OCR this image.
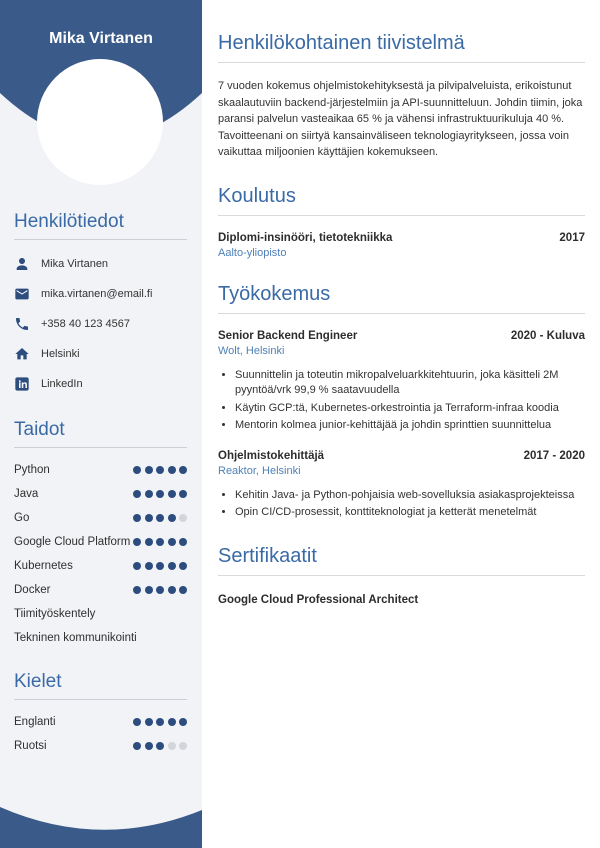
Mika Virtanen
Henkilötiedot
Mika Virtanen
mika.virtanen@email.fi
+358 40 123 4567
Helsinki
LinkedIn
Taidot
Python
Java
Go
Google Cloud Platform
Kubernetes
Docker
Tiimityöskentely
Tekninen kommunikointi
Kielet
Englanti
Ruotsi
Henkilökohtainen tiivistelmä

7 vuoden kokemus ohjelmistokehityksestä ja pilvipalveluista, erikoistunut skaalautuviin backend-järjestelmiin ja API-suunnitteluun. Johdin tiimin, joka paransi palvelun vasteaikaa 65 % ja vähensi infrastruktuurikuluja 40 %. Tavoitteenani on siirtyä kansainväliseen teknologiayritykseen, jossa voin vaikuttaa miljoonien käyttäjien kokemukseen.

Koulutus
Diplomi-insinööri, tietotekniikka	2017
Aalto-yliopisto
Työkokemus
Senior Backend Engineer	2020 - Kuluva
Wolt, Helsinki
• Suunnittelin ja toteutin mikropalveluarkkitehtuurin, joka käsitteli 2M pyyntöä/vrk 99,9 % saatavuudella
• Käytin GCP:tä, Kubernetes-orkestrointia ja Terraform-infraa koodia
• Mentorin kolmea junior-kehittäjää ja johdin sprinttien suunnittelua
Ohjelmistokehittäjä	2017 - 2020
Reaktor, Helsinki
• Kehitin Java- ja Python-pohjaisia web-sovelluksia asiakasprojekteissa
• Opin CI/CD-prosessit, konttiteknologiat ja ketterät menetelmät
Sertifikaatit
Google Cloud Professional Architect
